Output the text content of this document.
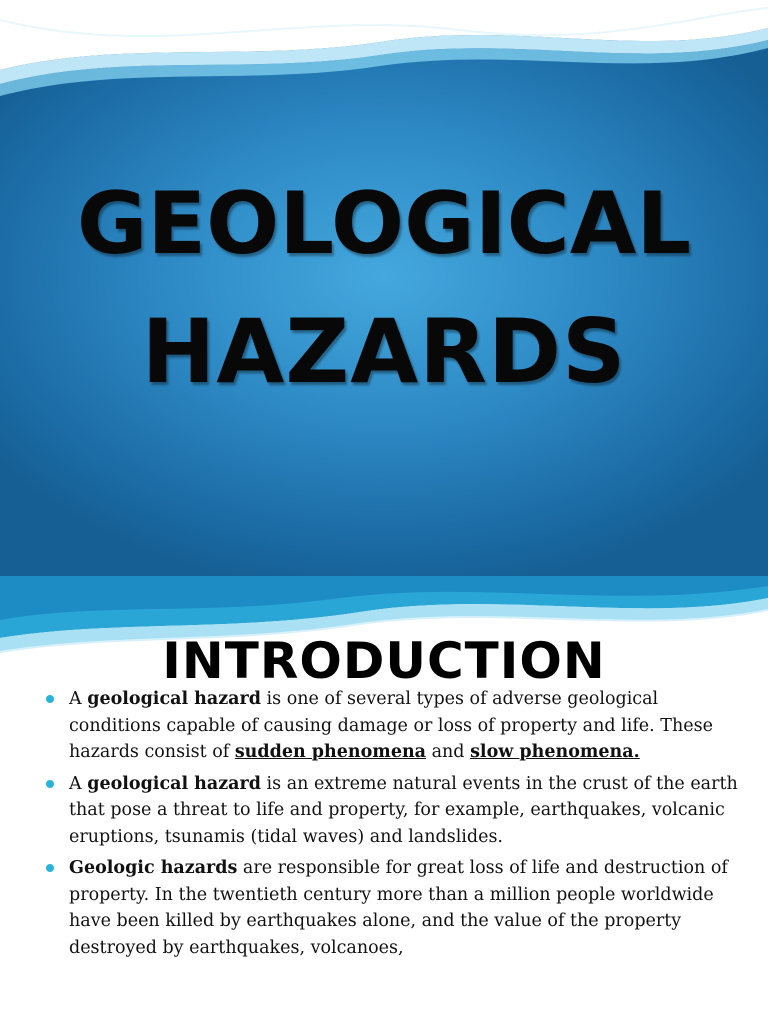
GEOLOGICAL
HAZARDS
INTRODUCTION
A geological hazard is one of several types of adverse geological conditions capable of causing damage or loss of property and life. These hazards consist of sudden phenomena and slow phenomena.
A geological hazard is an extreme natural events in the crust of the earth that pose a threat to life and property, for example, earthquakes, volcanic eruptions, tsunamis (tidal waves) and landslides.
Geologic hazards are responsible for great loss of life and destruction of property. In the twentieth century more than a million people worldwide have been killed by earthquakes alone, and the value of the property destroyed by earthquakes, volcanoes,
